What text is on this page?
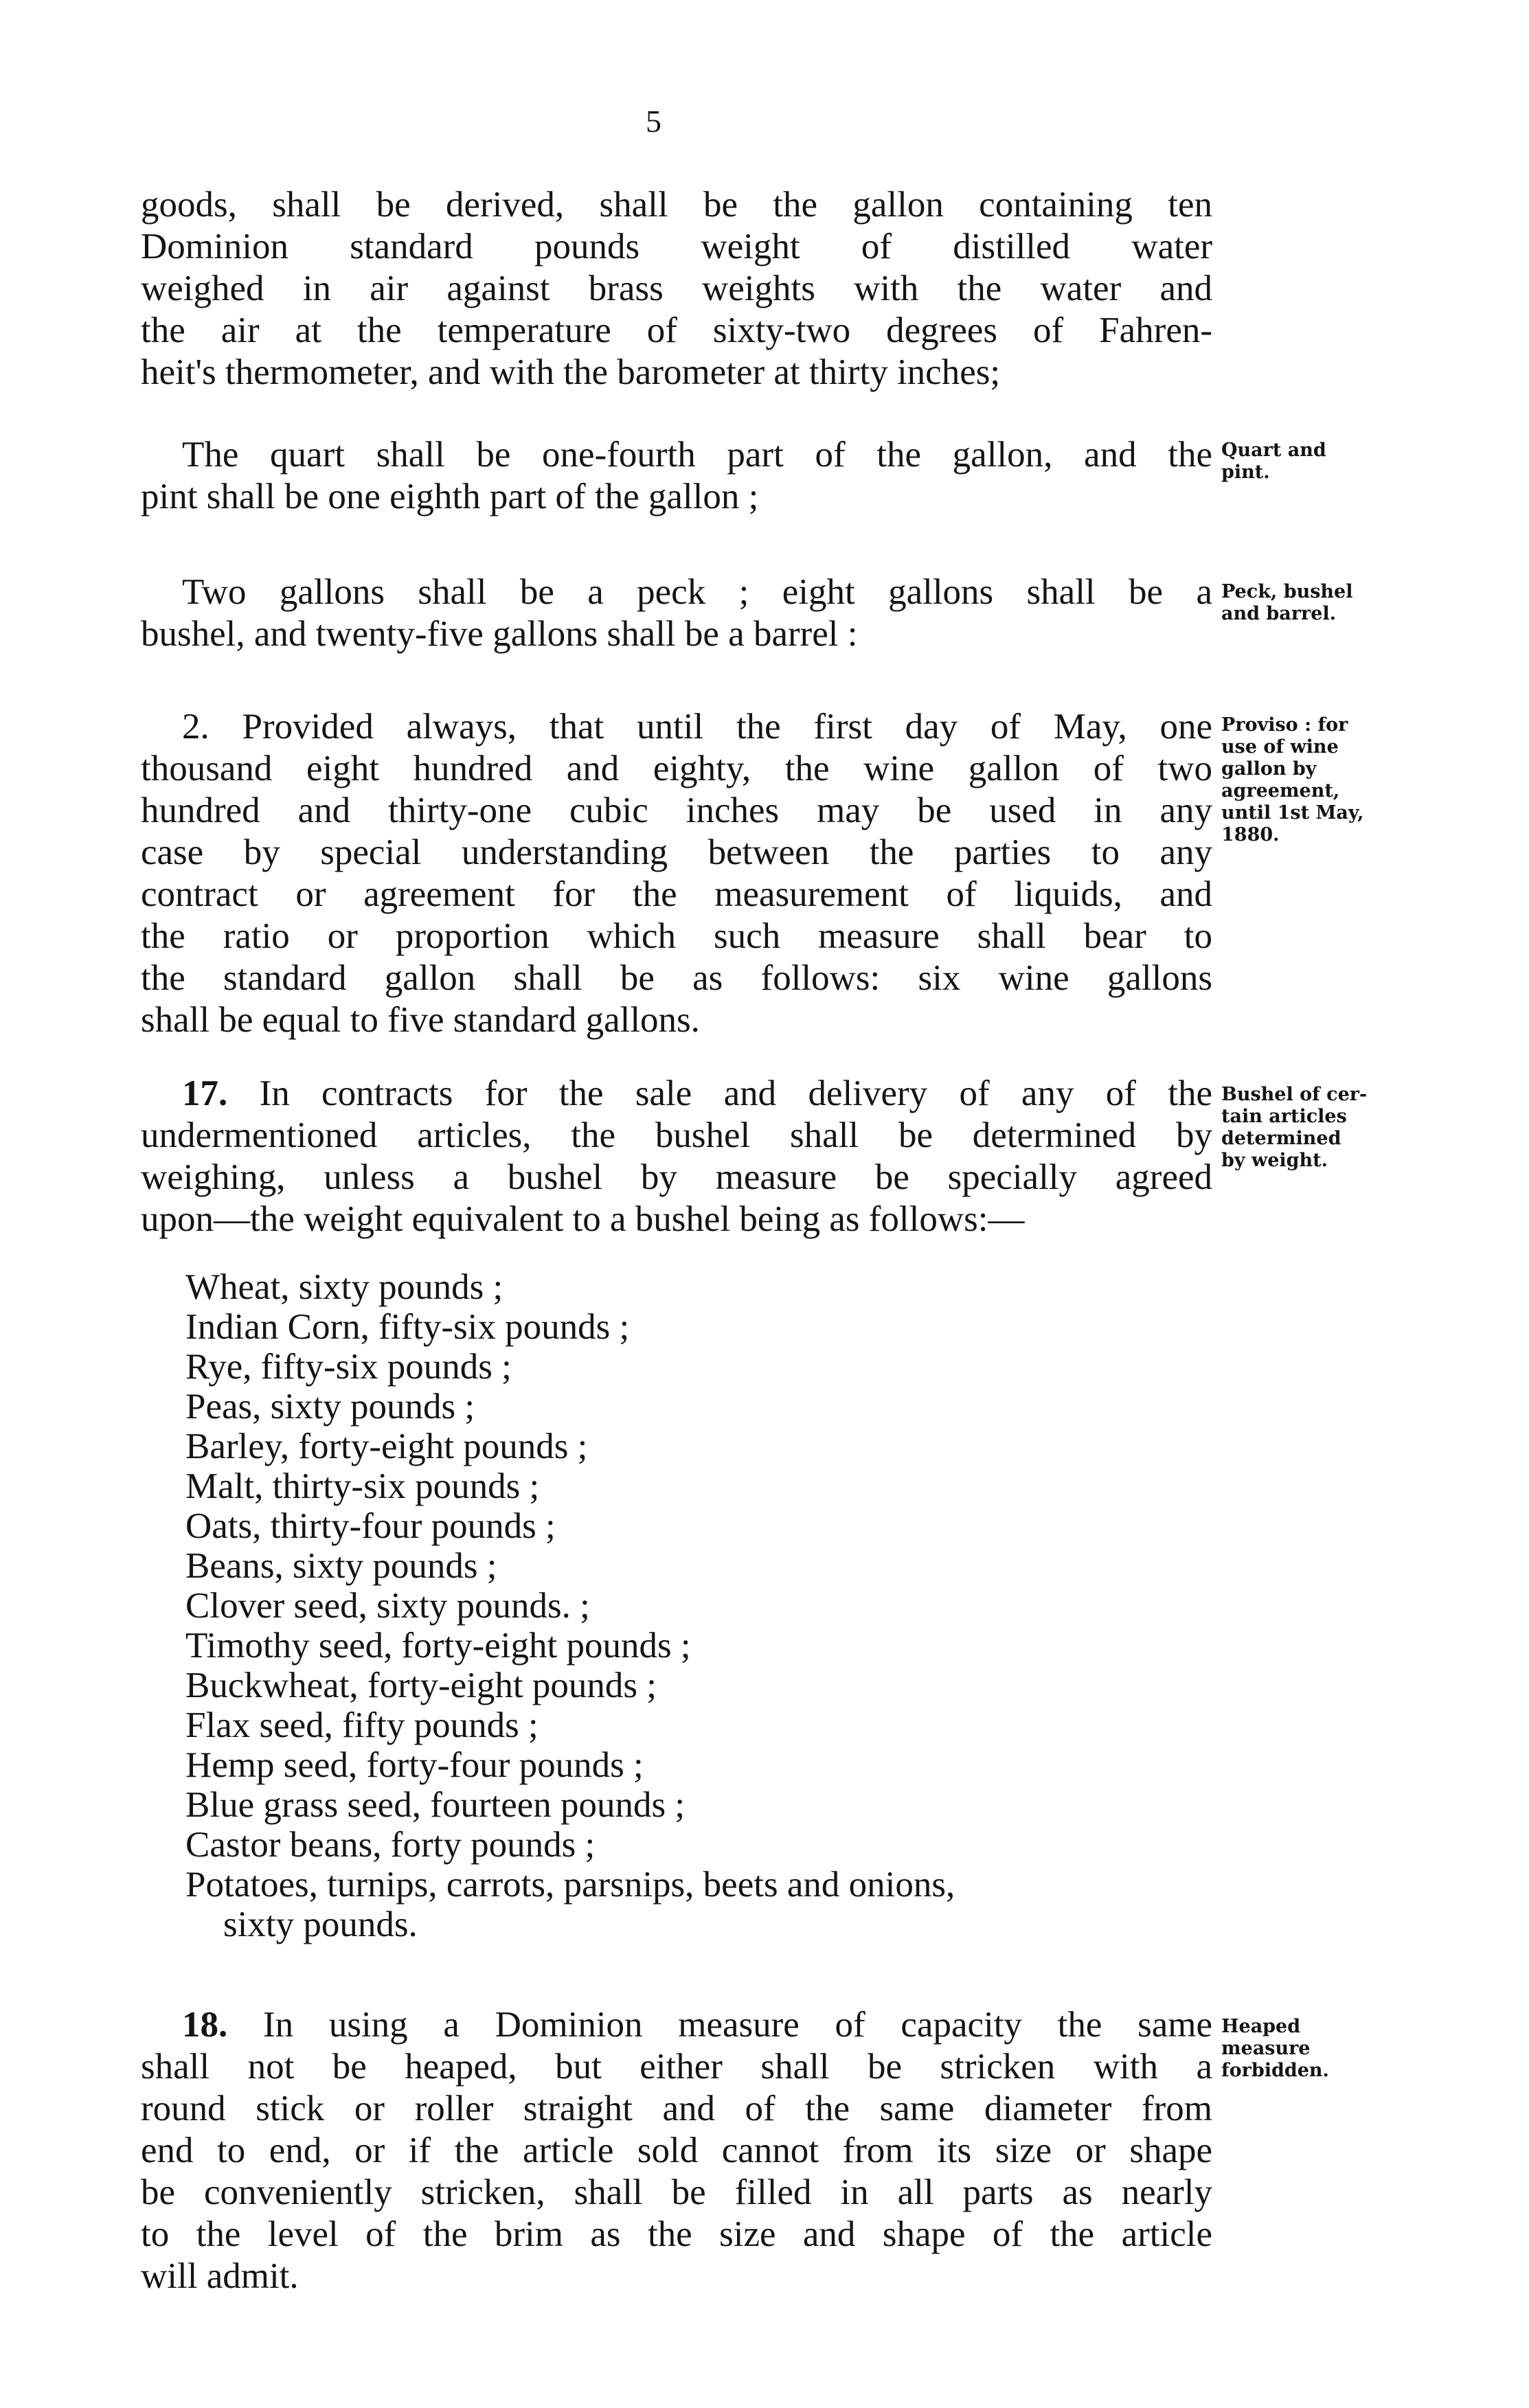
5
goods, shall be derived, shall be the gallon containing ten
Dominion standard pounds weight of distilled water
weighed in air against brass weights with the water and
the air at the temperature of sixty-two degrees of Fahren-
heit's thermometer, and with the barometer at thirty inches;
The quart shall be one-fourth part of the gallon, and the
pint shall be one eighth part of the gallon ;
Quart and
pint.
Two gallons shall be a peck ; eight gallons shall be a
bushel, and twenty-five gallons shall be a barrel :
Peck, bushel
and barrel.
2. Provided always, that until the first day of May, one
thousand eight hundred and eighty, the wine gallon of two
hundred and thirty-one cubic inches may be used in any
case by special understanding between the parties to any
contract or agreement for the measurement of liquids, and
the ratio or proportion which such measure shall bear to
the standard gallon shall be as follows: six wine gallons
shall be equal to five standard gallons.
Proviso : for
use of wine
gallon by
agreement,
until 1st May,
1880.
17. In contracts for the sale and delivery of any of the
undermentioned articles, the bushel shall be determined by
weighing, unless a bushel by measure be specially agreed
upon—the weight equivalent to a bushel being as follows:—
Bushel of cer-
tain articles
determined
by weight.
Wheat, sixty pounds ;
Indian Corn, fifty-six pounds ;
Rye, fifty-six pounds ;
Peas, sixty pounds ;
Barley, forty-eight pounds ;
Malt, thirty-six pounds ;
Oats, thirty-four pounds ;
Beans, sixty pounds ;
Clover seed, sixty pounds. ;
Timothy seed, forty-eight pounds ;
Buckwheat, forty-eight pounds ;
Flax seed, fifty pounds ;
Hemp seed, forty-four pounds ;
Blue grass seed, fourteen pounds ;
Castor beans, forty pounds ;
Potatoes, turnips, carrots, parsnips, beets and onions,
sixty pounds.
18. In using a Dominion measure of capacity the same
shall not be heaped, but either shall be stricken with a
round stick or roller straight and of the same diameter from
end to end, or if the article sold cannot from its size or shape
be conveniently stricken, shall be filled in all parts as nearly
to the level of the brim as the size and shape of the article
will admit.
Heaped
measure
forbidden.
